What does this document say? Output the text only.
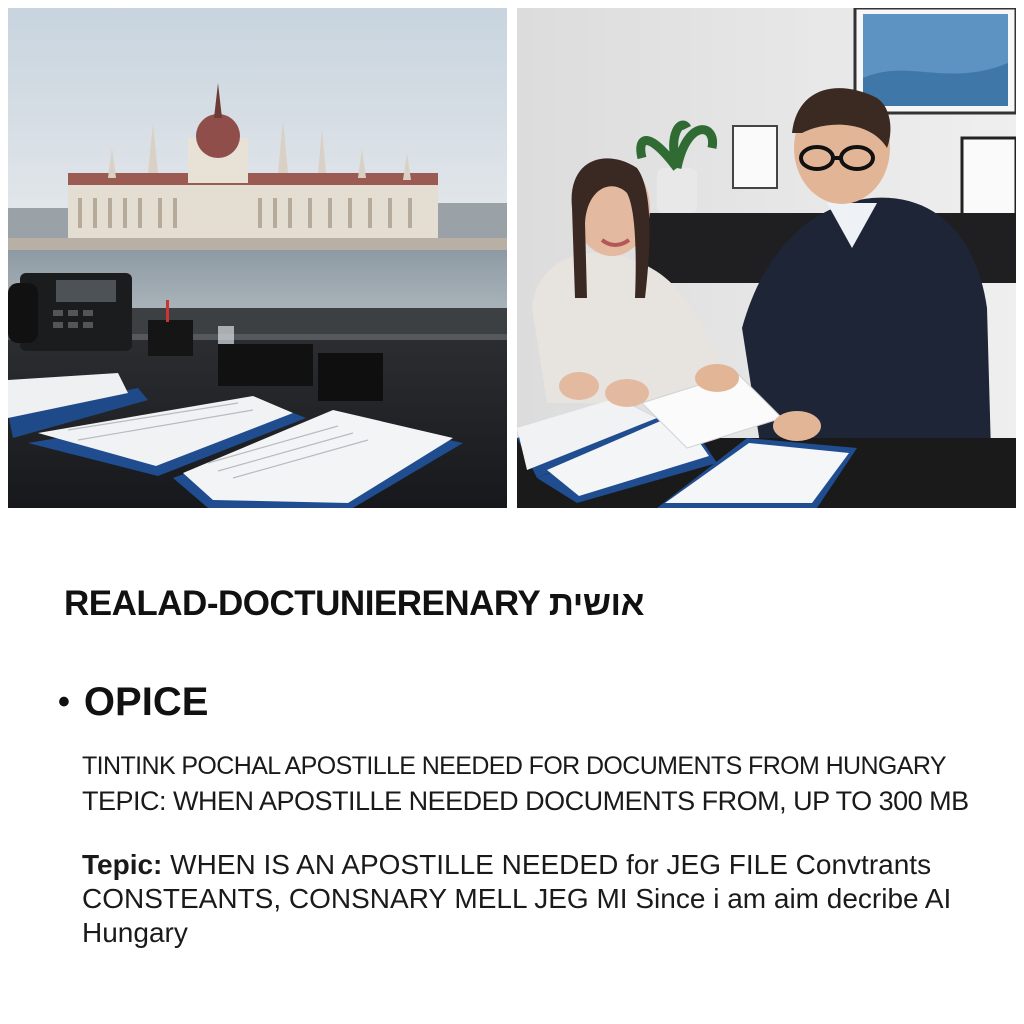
REALAD-DOCTUNIERENARY אושית
• OPICE
TINTINK POCHAL APOSTILLE NEEDED FOR DOCUMENTS FROM HUNGARY
TEPIC: WHEN APOSTILLE NEEDED DOCUMENTS FROM, UP TO 300 MB

Tepic: WHEN IS AN APOSTILLE NEEDED for JEG FILE Convtrants

CONSTEANTS, CONSNARY MELL JEG MI Since i am aim decribe AI

Hungary
